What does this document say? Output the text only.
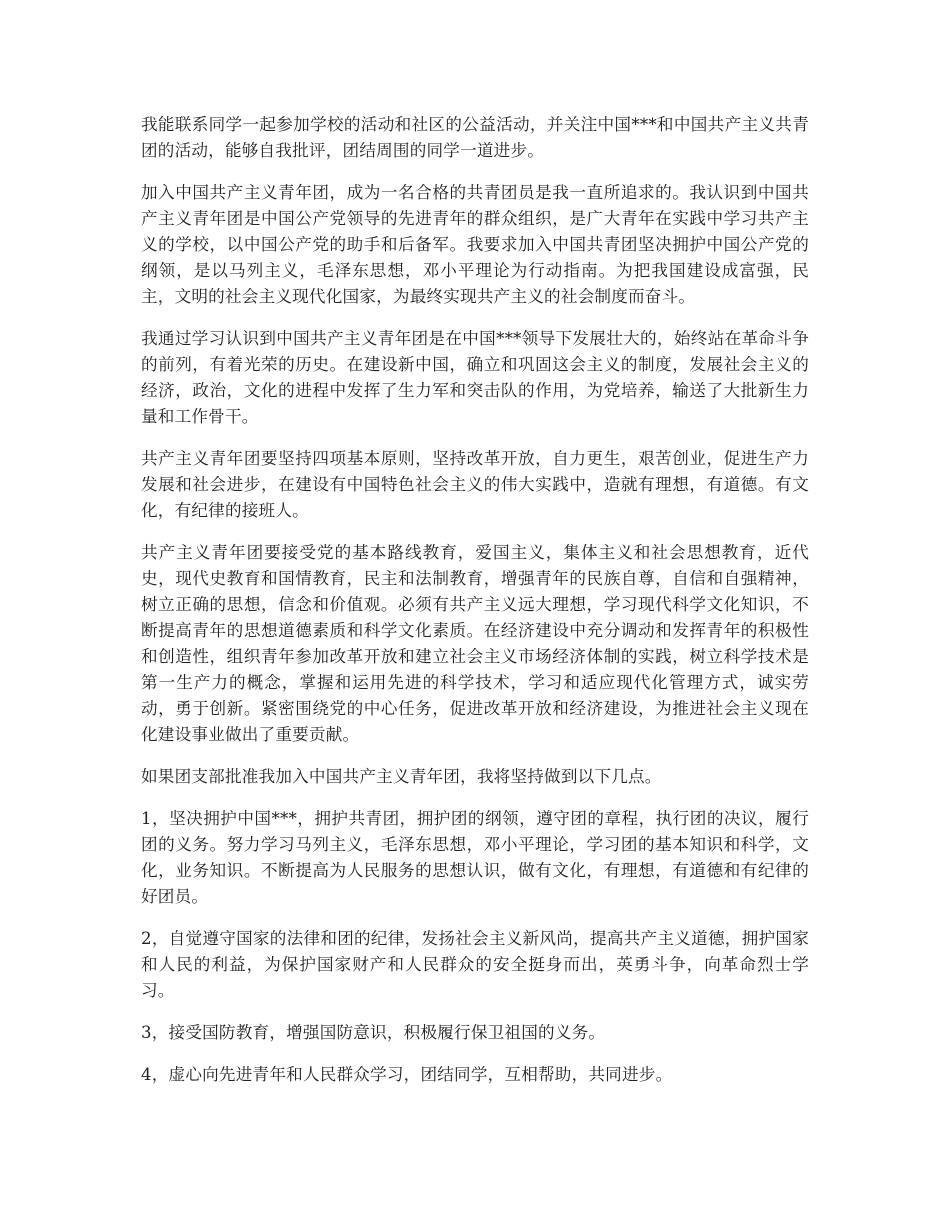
我能联系同学一起参加学校的活动和社区的公益活动，并关注中国***和中国共产主义共青团的活动，能够自我批评，团结周围的同学一道进步。

加入中国共产主义青年团，成为一名合格的共青团员是我一直所追求的。我认识到中国共产主义青年团是中国公产党领导的先进青年的群众组织，是广大青年在实践中学习共产主义的学校，以中国公产党的助手和后备军。我要求加入中国共青团坚决拥护中国公产党的纲领，是以马列主义，毛泽东思想，邓小平理论为行动指南。为把我国建设成富强，民主，文明的社会主义现代化国家，为最终实现共产主义的社会制度而奋斗。

我通过学习认识到中国共产主义青年团是在中国***领导下发展壮大的，始终站在革命斗争的前列，有着光荣的历史。在建设新中国，确立和巩固这会主义的制度，发展社会主义的经济，政治，文化的进程中发挥了生力军和突击队的作用，为党培养，输送了大批新生力量和工作骨干。

共产主义青年团要坚持四项基本原则，坚持改革开放，自力更生，艰苦创业，促进生产力发展和社会进步，在建设有中国特色社会主义的伟大实践中，造就有理想，有道德。有文化，有纪律的接班人。

共产主义青年团要接受党的基本路线教育，爱国主义，集体主义和社会思想教育，近代史，现代史教育和国情教育，民主和法制教育，增强青年的民族自尊，自信和自强精神，树立正确的思想，信念和价值观。必须有共产主义远大理想，学习现代科学文化知识，不断提高青年的思想道德素质和科学文化素质。在经济建设中充分调动和发挥青年的积极性和创造性，组织青年参加改革开放和建立社会主义市场经济体制的实践，树立科学技术是第一生产力的概念，掌握和运用先进的科学技术，学习和适应现代化管理方式，诚实劳动，勇于创新。紧密围绕党的中心任务，促进改革开放和经济建设，为推进社会主义现在化建设事业做出了重要贡献。

如果团支部批准我加入中国共产主义青年团，我将坚持做到以下几点。

1，坚决拥护中国***，拥护共青团，拥护团的纲领，遵守团的章程，执行团的决议，履行团的义务。努力学习马列主义，毛泽东思想，邓小平理论，学习团的基本知识和科学，文化，业务知识。不断提高为人民服务的思想认识，做有文化，有理想，有道德和有纪律的好团员。

2，自觉遵守国家的法律和团的纪律，发扬社会主义新风尚，提高共产主义道德，拥护国家和人民的利益，为保护国家财产和人民群众的安全挺身而出，英勇斗争，向革命烈士学习。

3，接受国防教育，增强国防意识，积极履行保卫祖国的义务。

4，虚心向先进青年和人民群众学习，团结同学，互相帮助，共同进步。
